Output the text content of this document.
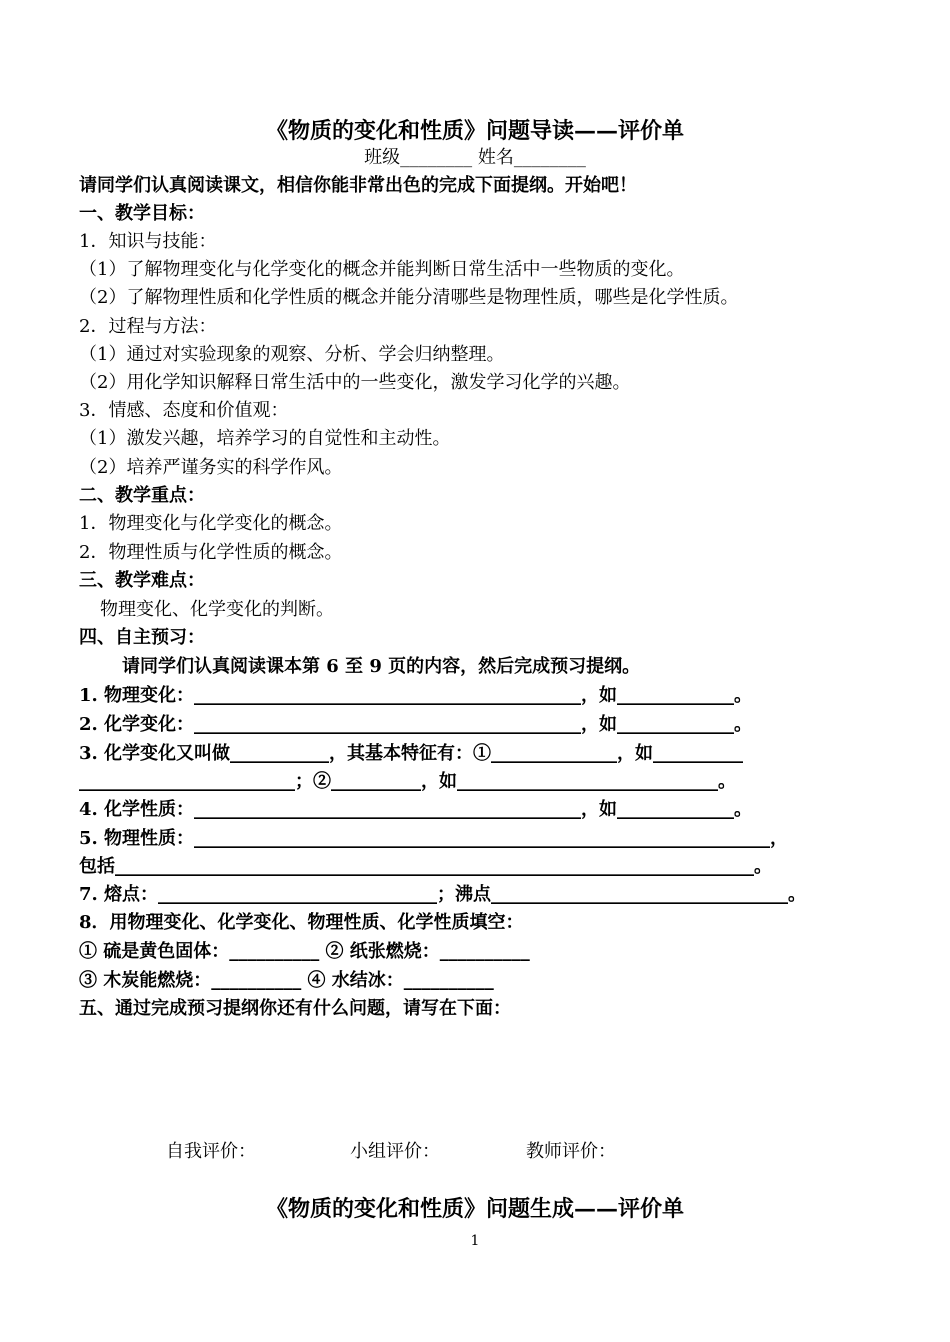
《物质的变化和性质》问题导读——评价单
班级________ 姓名________
请同学们认真阅读课文，相信你能非常出色的完成下面提纲。开始吧！
一、教学目标：
1．知识与技能：
（1）了解物理变化与化学变化的概念并能判断日常生活中一些物质的变化。
（2）了解物理性质和化学性质的概念并能分清哪些是物理性质，哪些是化学性质。
2．过程与方法：
（1）通过对实验现象的观察、分析、学会归纳整理。
（2）用化学知识解释日常生活中的一些变化，激发学习化学的兴趣。
3．情感、态度和价值观：
（1）激发兴趣，培养学习的自觉性和主动性。
（2）培养严谨务实的科学作风。
二、教学重点：
1．物理变化与化学变化的概念。
2．物理性质与化学性质的概念。
三、教学难点：
物理变化、化学变化的判断。
四、自主预习：
请同学们认真阅读课本第 6 至 9 页的内容，然后完成预习提纲。
1. 物理变化：___________________________________________，如_____________。
2. 化学变化：___________________________________________，如_____________。
3. 化学变化又叫做___________，其基本特征有：①______________，如__________
________________________；②__________，如_____________________________。
4. 化学性质：___________________________________________，如_____________。
5. 物理性质：________________________________________________________________，
包括_______________________________________________________________________。
7. 熔点：_______________________________；沸点_________________________________。
8．用物理变化、化学变化、物理性质、化学性质填空：
① 硫是黄色固体：__________ ② 纸张燃烧：__________
③ 木炭能燃烧：__________ ④ 水结冰：__________
五、通过完成预习提纲你还有什么问题，请写在下面：
自我评价：	小组评价：	教师评价：
《物质的变化和性质》问题生成——评价单
1
